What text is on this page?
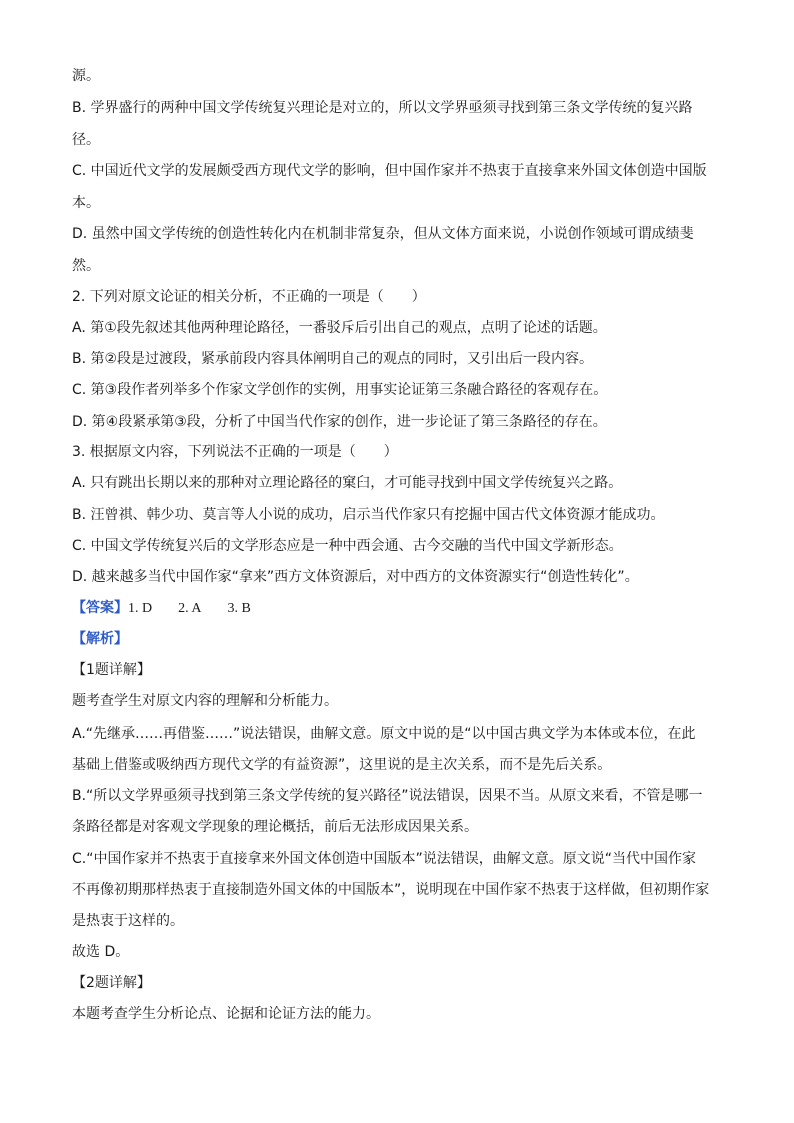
源。
B. 学界盛行的两种中国文学传统复兴理论是对立的，所以文学界亟须寻找到第三条文学传统的复兴路
径。
C. 中国近代文学的发展颇受西方现代文学的影响，但中国作家并不热衷于直接拿来外国文体创造中国版
本。
D. 虽然中国文学传统的创造性转化内在机制非常复杂，但从文体方面来说，小说创作领域可谓成绩斐
然。
2. 下列对原文论证的相关分析，不正确的一项是（　　）
A. 第①段先叙述其他两种理论路径，一番驳斥后引出自己的观点，点明了论述的话题。
B. 第②段是过渡段，紧承前段内容具体阐明自己的观点的同时，又引出后一段内容。
C. 第③段作者列举多个作家文学创作的实例，用事实论证第三条融合路径的客观存在。
D. 第④段紧承第③段，分析了中国当代作家的创作，进一步论证了第三条路径的存在。
3. 根据原文内容，下列说法不正确的一项是（　　）
A. 只有跳出长期以来的那种对立理论路径的窠臼，才可能寻找到中国文学传统复兴之路。
B. 汪曾祺、韩少功、莫言等人小说的成功，启示当代作家只有挖掘中国古代文体资源才能成功。
C. 中国文学传统复兴后的文学形态应是一种中西会通、古今交融的当代中国文学新形态。
D. 越来越多当代中国作家“拿来”西方文体资源后，对中西方的文体资源实行“创造性转化”。
【答案】1. D 2. A 3. B
【解析】
【1题详解】
题考查学生对原文内容的理解和分析能力。
A.“先继承……再借鉴……”说法错误，曲解文意。原文中说的是“以中国古典文学为本体或本位，在此
基础上借鉴或吸纳西方现代文学的有益资源”，这里说的是主次关系，而不是先后关系。
B.“所以文学界亟须寻找到第三条文学传统的复兴路径”说法错误，因果不当。从原文来看，不管是哪一
条路径都是对客观文学现象的理论概括，前后无法形成因果关系。
C.“中国作家并不热衷于直接拿来外国文体创造中国版本”说法错误，曲解文意。原文说“当代中国作家
不再像初期那样热衷于直接制造外国文体的中国版本”，说明现在中国作家不热衷于这样做，但初期作家
是热衷于这样的。
故选 D。
【2题详解】
本题考查学生分析论点、论据和论证方法的能力。
